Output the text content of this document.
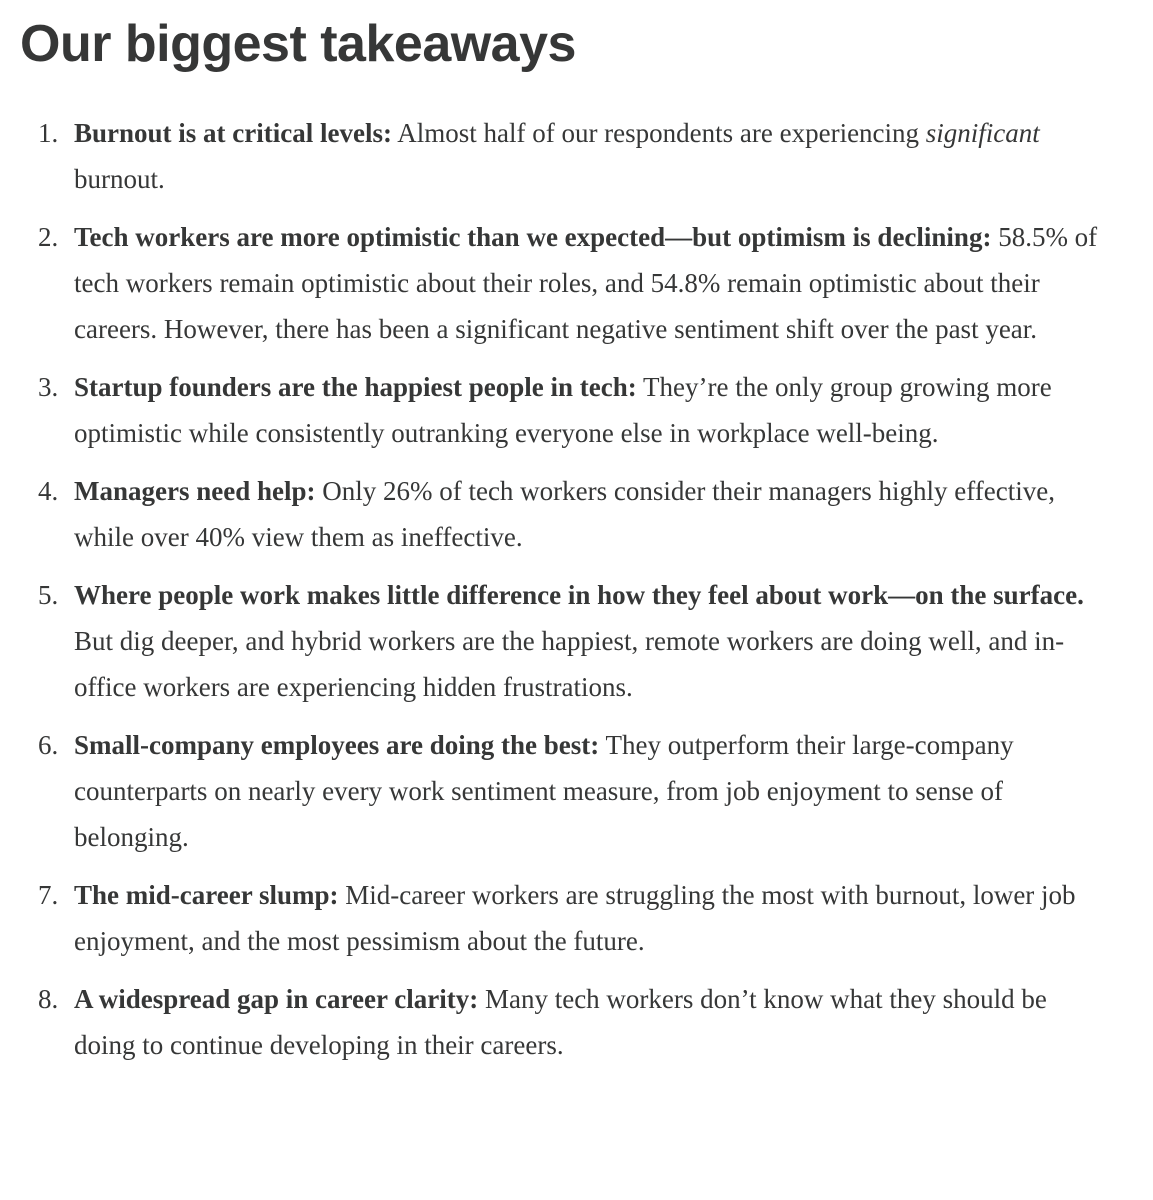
Our biggest takeaways
1. Burnout is at critical levels: Almost half of our respondents are experiencing significant burnout.
2. Tech workers are more optimistic than we expected—but optimism is declining: 58.5% of tech workers remain optimistic about their roles, and 54.8% remain optimistic about their careers. However, there has been a significant negative sentiment shift over the past year.
3. Startup founders are the happiest people in tech: They’re the only group growing more optimistic while consistently outranking everyone else in workplace well-being.
4. Managers need help: Only 26% of tech workers consider their managers highly effective, while over 40% view them as ineffective.
5. Where people work makes little difference in how they feel about work—on the surface. But dig deeper, and hybrid workers are the happiest, remote workers are doing well, and in-office workers are experiencing hidden frustrations.
6. Small-company employees are doing the best: They outperform their large-company counterparts on nearly every work sentiment measure, from job enjoyment to sense of belonging.
7. The mid-career slump: Mid-career workers are struggling the most with burnout, lower job enjoyment, and the most pessimism about the future.
8. A widespread gap in career clarity: Many tech workers don’t know what they should be doing to continue developing in their careers.
